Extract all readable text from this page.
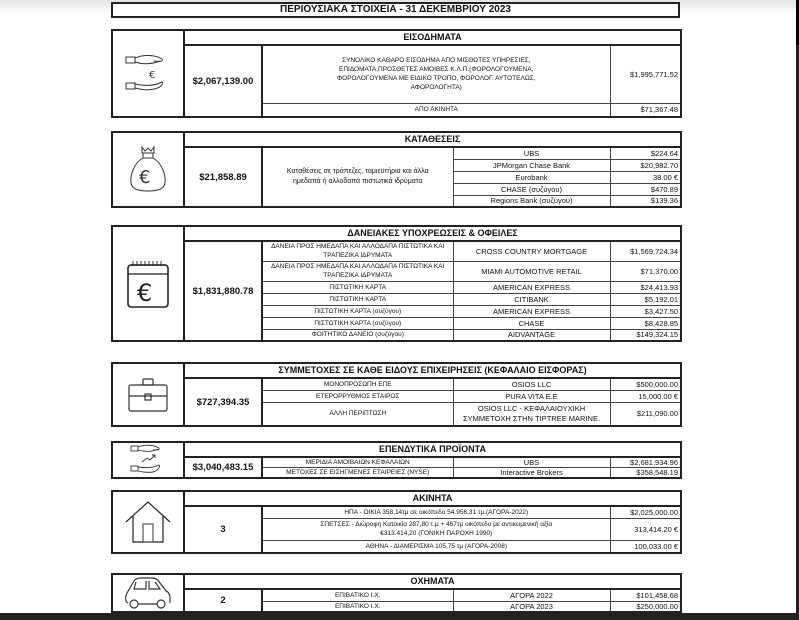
ΠΕΡΙΟΥΣΙΑΚΑ ΣΤΟΙΧΕΙΑ - 31 ΔΕΚΕΜΒΡΙΟΥ 2023
€	ΕΙΣΟΔΗΜΑΤΑ		
	$2,067,139.00	ΣΥΝΟΛΙΚΟ ΚΑΘΑΡΟ ΕΙΣΟΔΗΜΑ ΑΠΟ ΜΙΣΘΩΤΕΣ ΥΠΗΡΕΣΙΕΣ, ΕΠΙΔΟΜΑΤΑ,ΠΡΟΣΘΕΤΕΣ ΑΜΟΙΒΕΣ Κ.Λ.Π.(ΦΟΡΟΛΟΓΟΥΜΕΝΑ, ΦΟΡΟΛΟΓΟΥΜΕΝΑ ΜΕ ΕΙΔΙΚΟ ΤΡΟΠΟ, ΦΟΡΟΛΟΓ. ΑΥΤΟΤΕΛΩΣ, ΑΦΟΡΟΛΟΓΗΤΑ)	$1,995,771.52
		ΑΠΟ ΑΚΙΝΗΤΑ	$71,367.48
€	ΚΑΤΑΘΕΣΕΙΣ			
	$21,858.89	Καταθέσεις σε τράπεζες, ταμιευτήρια και άλλα ημεδαπά ή αλλοδαπά πιστωτικά ιδρύματα	UBS	$224.64
			JPMorgan Chase Bank	$20,982.70
			Eurobank	38.00 €
			CHASE (συζύγου)	$470.89
			Regions Bank (συζύγου)	$139.36
€	ΔΑΝΕΙΑΚΕΣ ΥΠΟΧΡΕΩΣΕΙΣ & ΟΦΕΙΛΕΣ			
	$1,831,880.78	ΔΑΝΕΙΑ ΠΡΟΣ ΗΜΕΔΑΠΑ ΚΑΙ ΑΛΛΟΔΑΠΑ ΠΙΣΤΩΤΙΚΑ ΚΑΙ ΤΡΑΠΕΖΙΚΑ ΙΔΡΥΜΑΤΑ	CROSS COUNTRY MORTGAGE	$1,569,724.34
		ΔΑΝΕΙΑ ΠΡΟΣ ΗΜΕΔΑΠΑ ΚΑΙ ΑΛΛΟΔΑΠΑ ΠΙΣΤΩΤΙΚΑ ΚΑΙ ΤΡΑΠΕΖΙΚΑ ΙΔΡΥΜΑΤΑ	MIAMI AUTOMOTIVE RETAIL	$71,370.00
		ΠΙΣΤΩΤΙΚΗ ΚΑΡΤΑ	AMERICAN EXPRESS	$24,413.93
		ΠΙΣΤΩΤΙΚΗ ΚΑΡΤΑ	CITIBANK	$5,192.01
		ΠΙΣΤΩΤΙΚΗ ΚΑΡΤΑ (συζύγου)	AMERICAN EXPRESS	$3,427.50
		ΠΙΣΤΩΤΙΚΗ ΚΑΡΤΑ (συζύγου)	CHASE	$8,428.85
		ΦΟΙΤΗΤΙΚΟ ΔΑΝΕΙΟ (συζύγου)	AIDVANTAGE	$149,324.15
	ΣΥΜΜΕΤΟΧΕΣ ΣΕ ΚΑΘΕ ΕΙΔΟΥΣ ΕΠΙΧΕΙΡΗΣΕΙΣ (ΚΕΦΑΛΑΙΟ ΕΙΣΦΟΡΑΣ)			
	$727,394.35	ΜΟΝΟΠΡΟΣΩΠΗ ΕΠΕ	OSIOS LLC	$500,000.00
		ΕΤΕΡΟΡΡΥΘΜΟΣ ΕΤΑΙΡΟΣ	PURA VITA E.E	15,000.00 €
		ΑΛΛΗ ΠΕΡΙΠΤΩΣΗ	OSIOS LLC - ΚΕΦΑΛΑΙΟΥΧΙΚΗ ΣΥΜΜΕΤΟΧΗ ΣΤΗΝ TIPTREE MARINE.	$211,090.00
	ΕΠΕΝΔΥΤΙΚΑ ΠΡΟΪΟΝΤΑ			
	$3,040,483.15	ΜΕΡΙΔΙΑ ΑΜΟΙΒΑΙΩΝ ΚΕΦΑΛΑΙΩΝ	UBS	$2,681,934.96
		ΜΕΤΟΧΕΣ ΣΕ ΕΙΣΗΓΜΕΝΕΣ ΕΤΑΙΡΕΙΕΣ (NYSE)	Interactive Brokers	$358,548.19
	ΑΚΙΝΗΤΑ		
	3	ΗΠΑ - ΟΙΚΙΑ 358,14τμ σε οικόπεδο 54.956,31 τμ.(ΑΓΟΡΑ-2022)	$2,025,000.00
		ΣΠΕΤΣΕΣ - Διώροφη Κατοικία 287,80 τ.μ + 467τμ οικόπεδο με αντικειμενική αξία €313.414,20 (ΓΟΝΙΚΗ ΠΑΡΟΧΗ 1990)	313,414.20 €
		ΑΘΗΝΑ - ΔΙΑΜΕΡΙΣΜΑ 105,75 τμ (ΑΓΟΡΑ-2008)	100,033.00 €
	ΟΧΗΜΑΤΑ			
	2	ΕΠΙΒΑΤΙΚΟ Ι.Χ.	ΑΓΟΡΑ 2022	$101,458.68
		ΕΠΙΒΑΤΙΚΟ Ι.Χ.	ΑΓΟΡΑ 2023	$250,000.00
